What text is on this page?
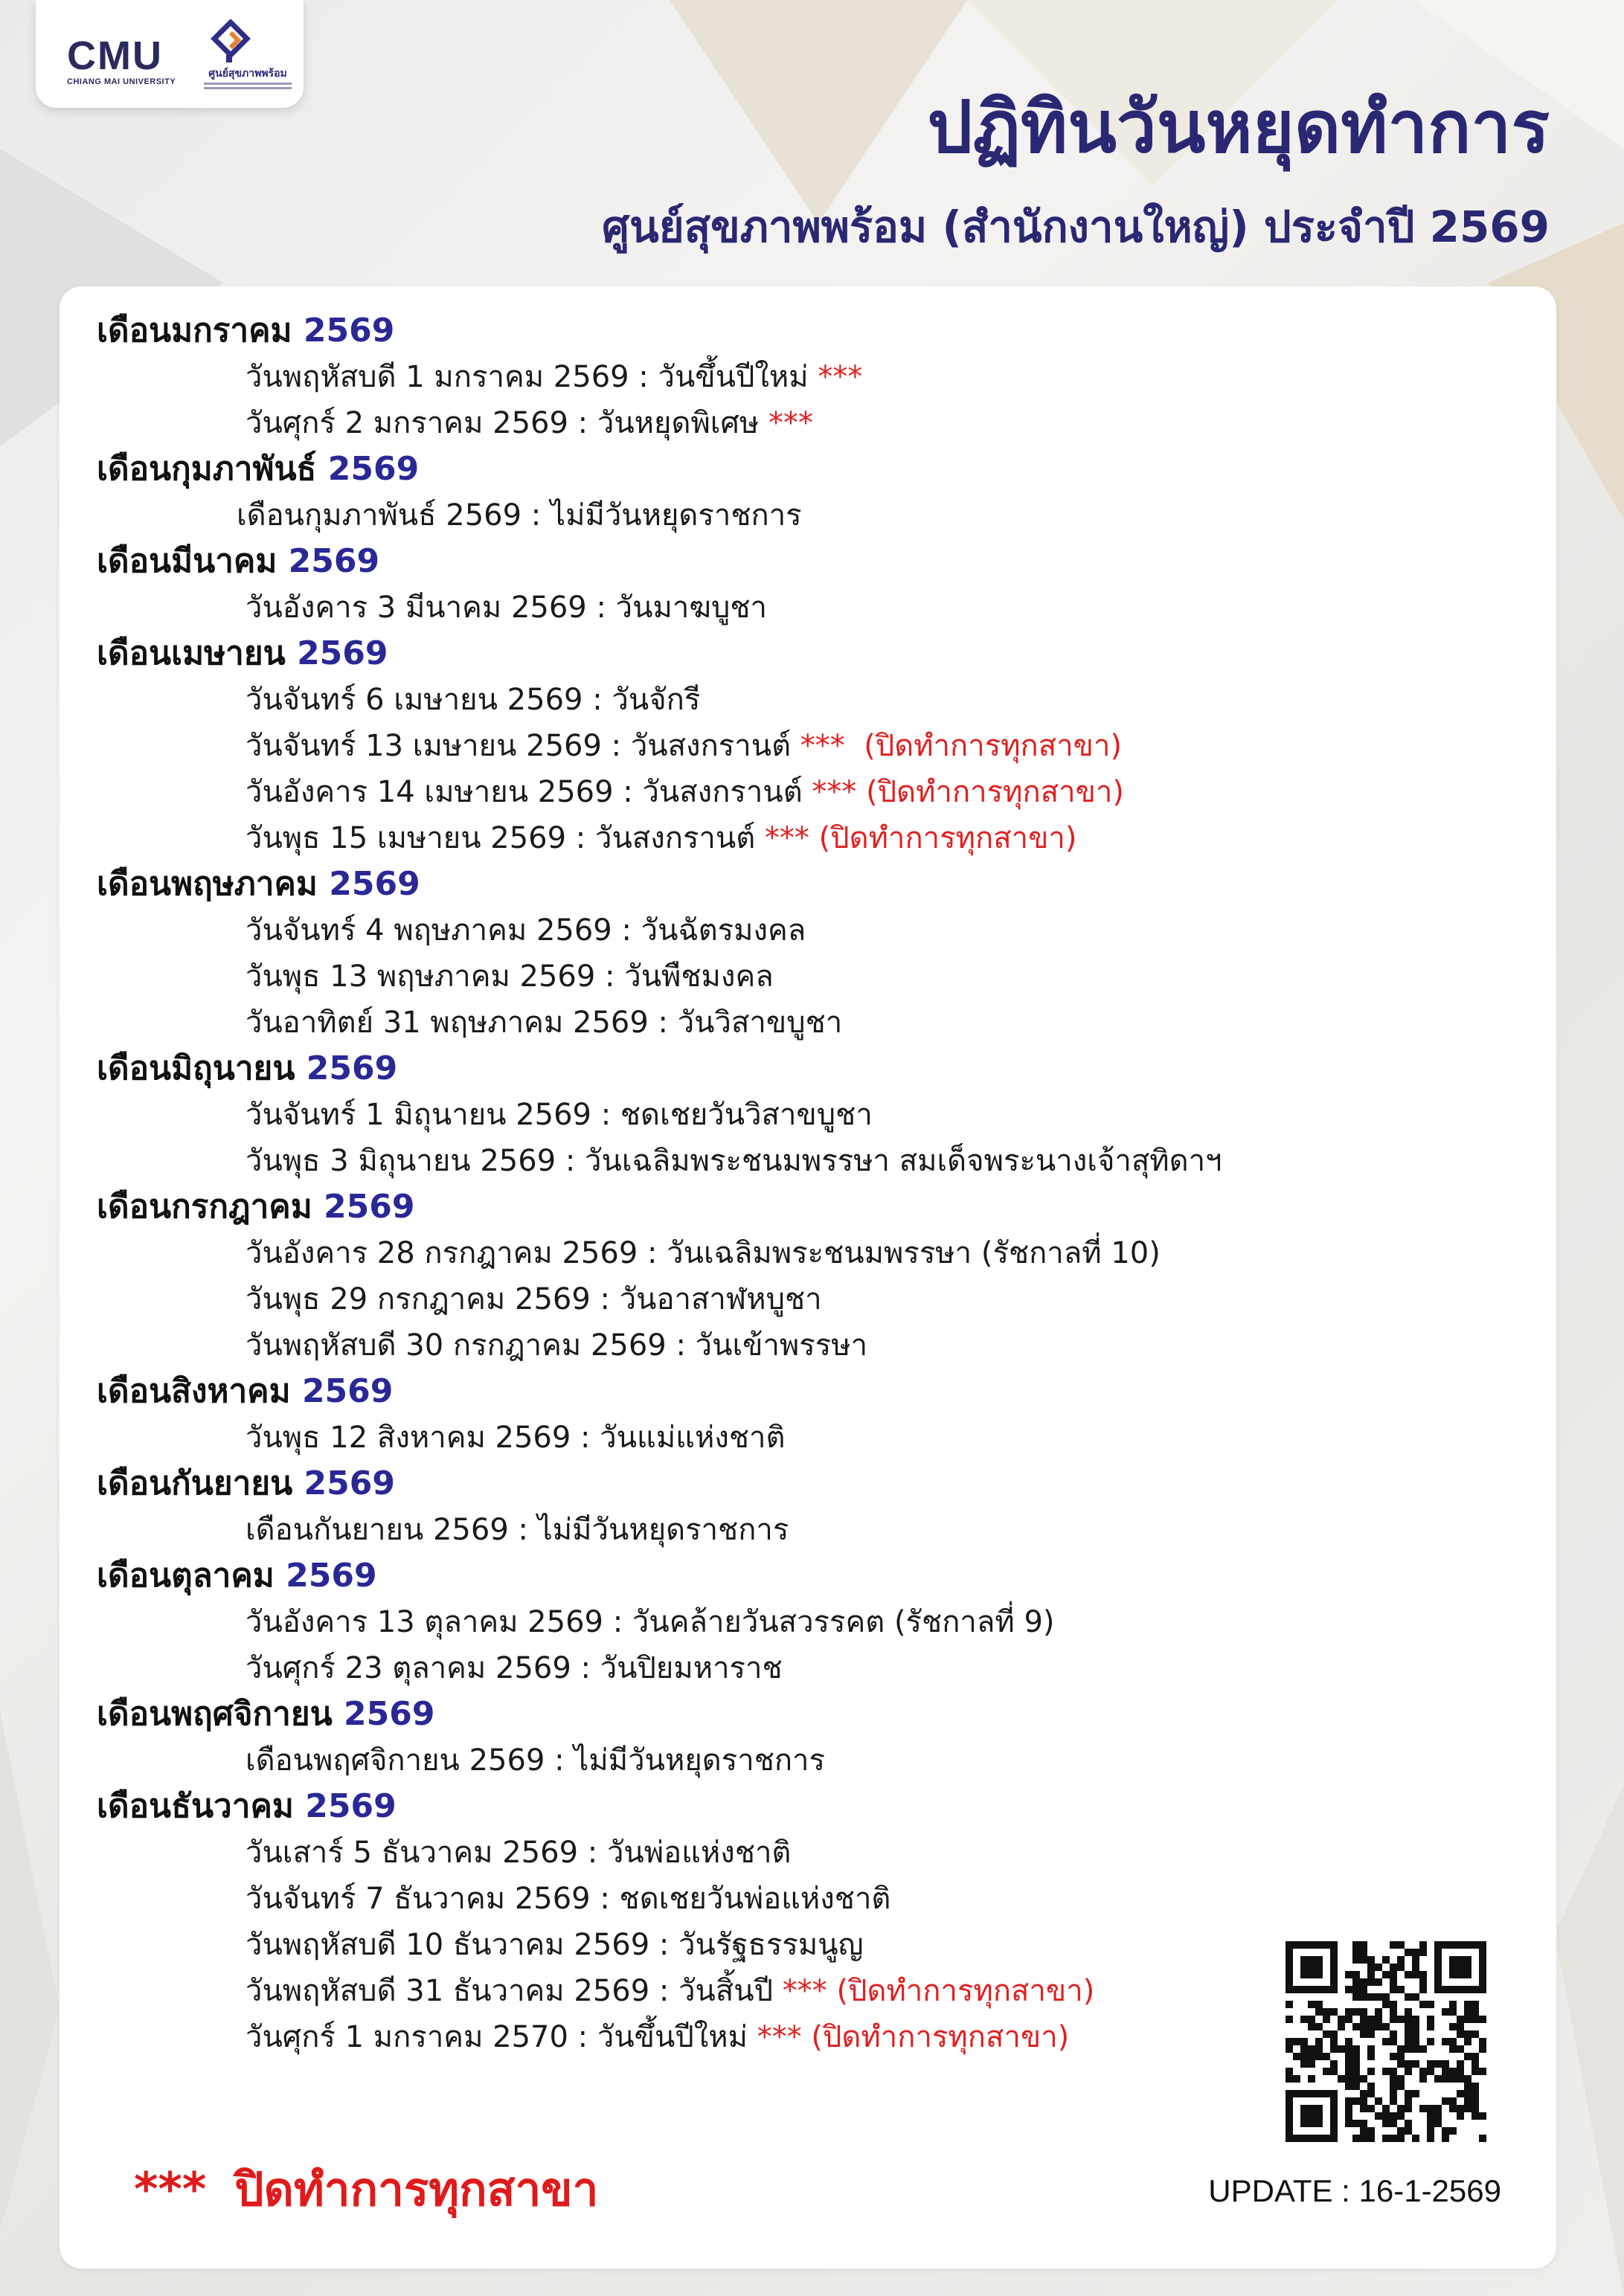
CMU
CHIANG MAI UNIVERSITY
ศูนย์สุขภาพพร้อม
ปฏิทินวันหยุดทำการ
ศูนย์สุขภาพพร้อม (สำนักงานใหญ่) ประจำปี 2569
เดือนมกราคม 2569
วันพฤหัสบดี 1 มกราคม 2569 : วันขึ้นปีใหม่ ***
วันศุกร์ 2 มกราคม 2569 : วันหยุดพิเศษ ***
เดือนกุมภาพันธ์ 2569
เดือนกุมภาพันธ์ 2569 : ไม่มีวันหยุดราชการ
เดือนมีนาคม 2569
วันอังคาร 3 มีนาคม 2569 : วันมาฆบูชา
เดือนเมษายน 2569
วันจันทร์ 6 เมษายน 2569 : วันจักรี
วันจันทร์ 13 เมษายน 2569 : วันสงกรานต์ ***  (ปิดทำการทุกสาขา)
วันอังคาร 14 เมษายน 2569 : วันสงกรานต์ *** (ปิดทำการทุกสาขา)
วันพุธ 15 เมษายน 2569 : วันสงกรานต์ *** (ปิดทำการทุกสาขา)
เดือนพฤษภาคม 2569
วันจันทร์ 4 พฤษภาคม 2569 : วันฉัตรมงคล
วันพุธ 13 พฤษภาคม 2569 : วันพืชมงคล
วันอาทิตย์ 31 พฤษภาคม 2569 : วันวิสาขบูชา
เดือนมิถุนายน 2569
วันจันทร์ 1 มิถุนายน 2569 : ชดเชยวันวิสาขบูชา
วันพุธ 3 มิถุนายน 2569 : วันเฉลิมพระชนมพรรษา สมเด็จพระนางเจ้าสุทิดาฯ
เดือนกรกฎาคม 2569
วันอังคาร 28 กรกฎาคม 2569 : วันเฉลิมพระชนมพรรษา (รัชกาลที่ 10)
วันพุธ 29 กรกฎาคม 2569 : วันอาสาฬหบูชา
วันพฤหัสบดี 30 กรกฎาคม 2569 : วันเข้าพรรษา
เดือนสิงหาคม 2569
วันพุธ 12 สิงหาคม 2569 : วันแม่แห่งชาติ
เดือนกันยายน 2569
เดือนกันยายน 2569 : ไม่มีวันหยุดราชการ
เดือนตุลาคม 2569
วันอังคาร 13 ตุลาคม 2569 : วันคล้ายวันสวรรคต (รัชกาลที่ 9)
วันศุกร์ 23 ตุลาคม 2569 : วันปิยมหาราช
เดือนพฤศจิกายน 2569
เดือนพฤศจิกายน 2569 : ไม่มีวันหยุดราชการ
เดือนธันวาคม 2569
วันเสาร์ 5 ธันวาคม 2569 : วันพ่อแห่งชาติ
วันจันทร์ 7 ธันวาคม 2569 : ชดเชยวันพ่อแห่งชาติ
วันพฤหัสบดี 10 ธันวาคม 2569 : วันรัฐธรรมนูญ
วันพฤหัสบดี 31 ธันวาคม 2569 : วันสิ้นปี *** (ปิดทำการทุกสาขา)
วันศุกร์ 1 มกราคม 2570 : วันขึ้นปีใหม่ *** (ปิดทำการทุกสาขา)
*** ปิดทำการทุกสาขา	UPDATE : 16-1-2569
